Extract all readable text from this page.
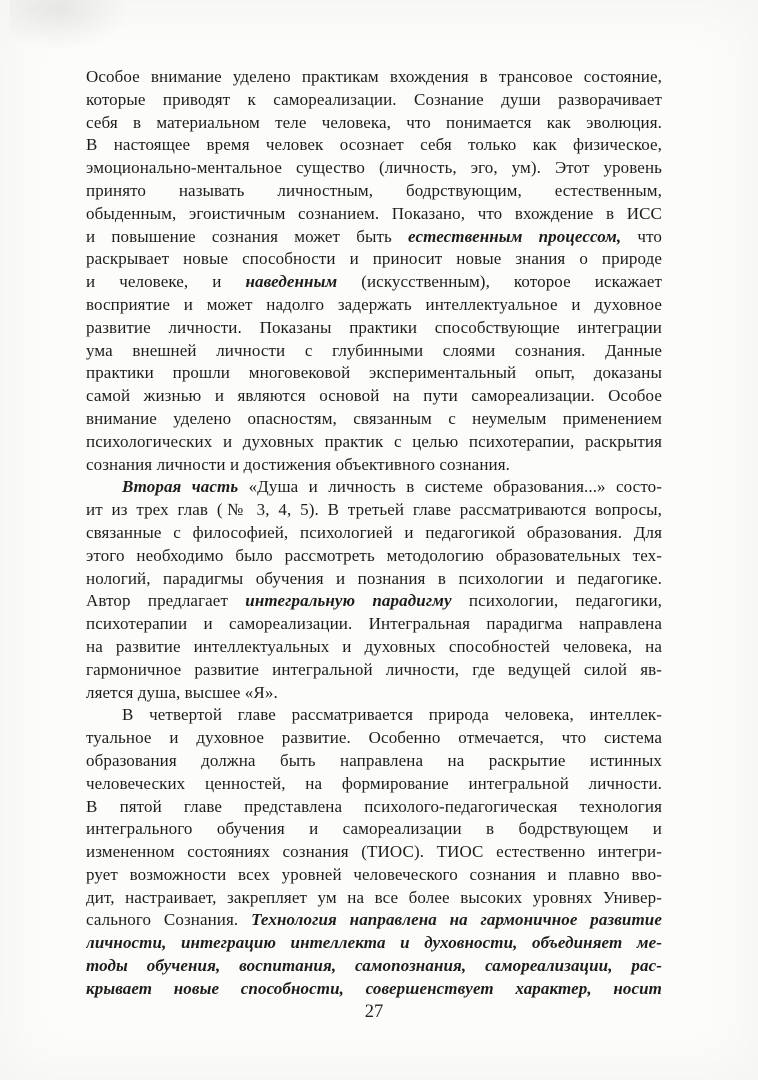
Особое внимание уделено практикам вхождения в трансовое состояние,
которые приводят к самореализации. Сознание души разворачивает
себя в материальном теле человека, что понимается как эволюция.
В настоящее время человек осознает себя только как физическое,
эмоционально-ментальное существо (личность, эго, ум). Этот уровень
принято называть личностным, бодрствующим, естественным,
обыденным, эгоистичным сознанием. Показано, что вхождение в ИСС
и повышение сознания может быть естественным процессом, что
раскрывает новые способности и приносит новые знания о природе
и человеке, и наведенным (искусственным), которое искажает
восприятие и может надолго задержать интеллектуальное и духовное
развитие личности. Показаны практики способствующие интеграции
ума внешней личности с глубинными слоями сознания. Данные
практики прошли многовековой экспериментальный опыт, доказаны
самой жизнью и являются основой на пути самореализации. Особое
внимание уделено опасностям, связанным с неумелым применением
психологических и духовных практик с целью психотерапии, раскрытия
сознания личности и достижения объективного сознания.
Вторая часть «Душа и личность в системе образования...» состо-
ит из трех глав (№ 3, 4, 5). В третьей главе рассматриваются вопросы,
связанные с философией, психологией и педагогикой образования. Для
этого необходимо было рассмотреть методологию образовательных тех-
нологий, парадигмы обучения и познания в психологии и педагогике.
Автор предлагает интегральную парадигму психологии, педагогики,
психотерапии и самореализации. Интегральная парадигма направлена
на развитие интеллектуальных и духовных способностей человека, на
гармоничное развитие интегральной личности, где ведущей силой яв-
ляется душа, высшее «Я».
В четвертой главе рассматривается природа человека, интеллек-
туальное и духовное развитие. Особенно отмечается, что система
образования должна быть направлена на раскрытие истинных
человеческих ценностей, на формирование интегральной личности.
В пятой главе представлена психолого-педагогическая технология
интегрального обучения и самореализации в бодрствующем и
измененном состояниях сознания (ТИОС). ТИОС естественно интегри-
рует возможности всех уровней человеческого сознания и плавно вво-
дит, настраивает, закрепляет ум на все более высоких уровнях Универ-
сального Сознания. Технология направлена на гармоничное развитие
личности, интеграцию интеллекта и духовности, объединяет ме-
тоды обучения, воспитания, самопознания, самореализации, рас-
крывает новые способности, совершенствует характер, носит
27
